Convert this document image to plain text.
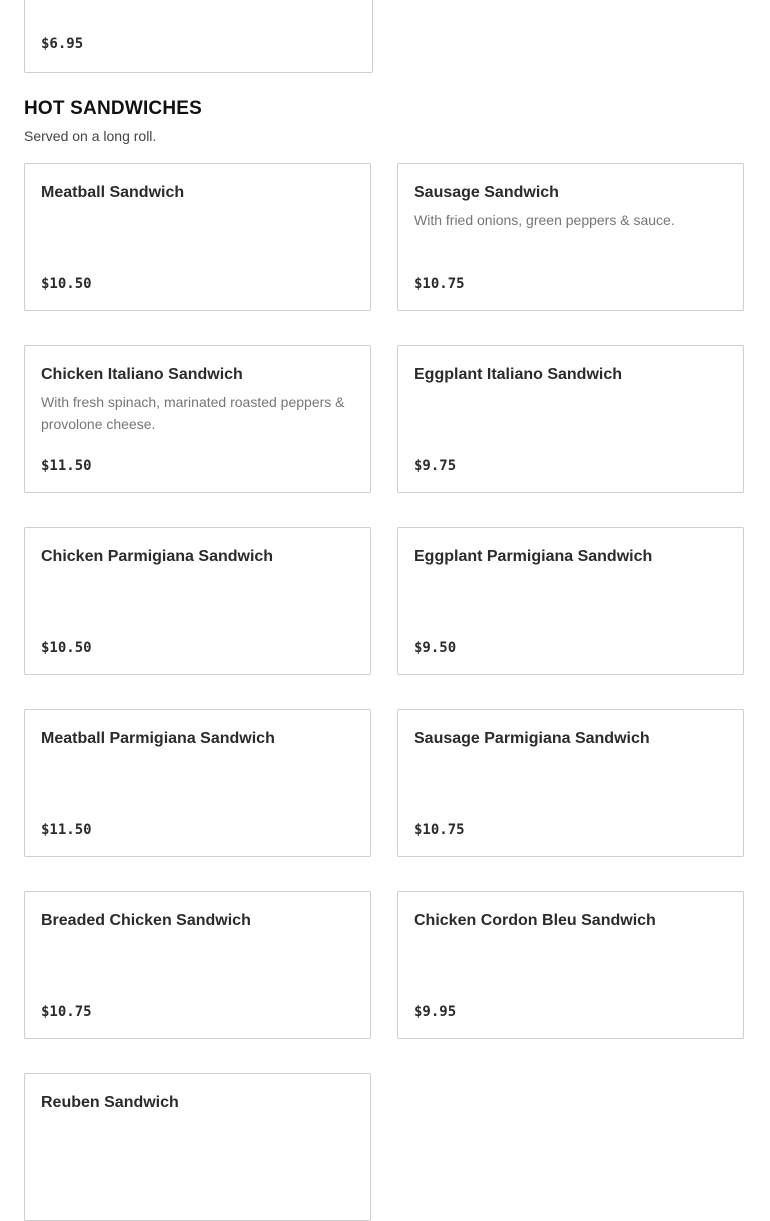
$6.95
HOT SANDWICHES

Served on a long roll.

Meatball Sandwich
$10.50
Sausage Sandwich
With fried onions, green peppers & sauce.
$10.75
Chicken Italiano Sandwich
With fresh spinach, marinated roasted peppers & provolone cheese.
$11.50
Eggplant Italiano Sandwich
$9.75
Chicken Parmigiana Sandwich
$10.50
Eggplant Parmigiana Sandwich
$9.50
Meatball Parmigiana Sandwich
$11.50
Sausage Parmigiana Sandwich
$10.75
Breaded Chicken Sandwich
$10.75
Chicken Cordon Bleu Sandwich
$9.95
Reuben Sandwich
